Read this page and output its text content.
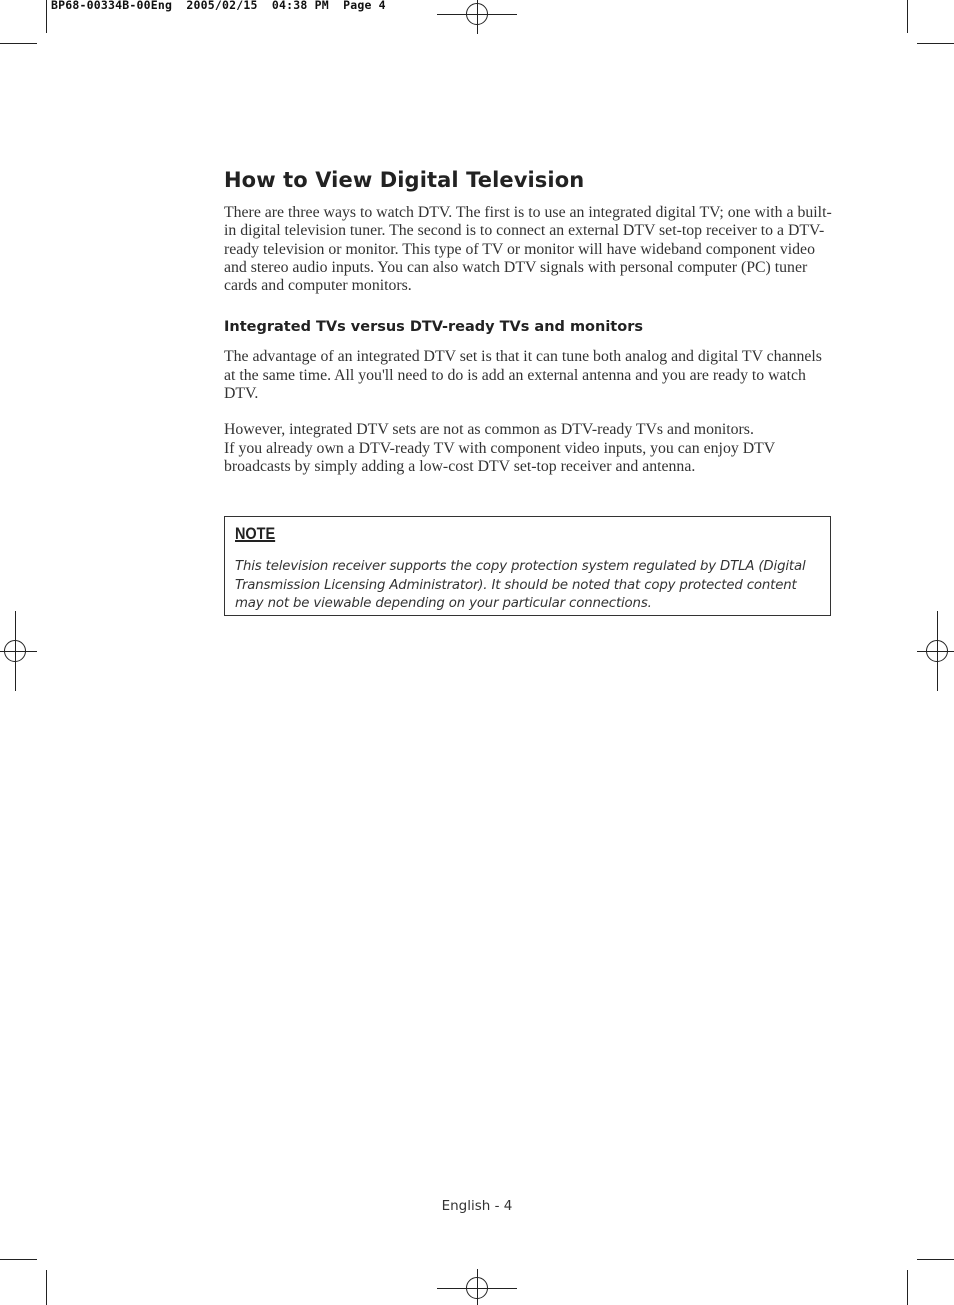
BP68-00334B-00Eng  2005/02/15  04:38 PM  Page 4
How to View Digital Television

There are three ways to watch DTV. The first is to use an integrated digital TV; one with a built-in digital television tuner. The second is to connect an external DTV set-top receiver to a DTV-ready television or monitor. This type of TV or monitor will have wideband component video and stereo audio inputs. You can also watch DTV signals with personal computer (PC) tuner cards and computer monitors.

Integrated TVs versus DTV-ready TVs and monitors

The advantage of an integrated DTV set is that it can tune both analog and digital TV channels at the same time. All you'll need to do is add an external antenna and you are ready to watch DTV.

However, integrated DTV sets are not as common as DTV-ready TVs and monitors.
If you already own a DTV-ready TV with component video inputs, you can enjoy DTV broadcasts by simply adding a low-cost DTV set-top receiver and antenna.

NOTE
This television receiver supports the copy protection system regulated by DTLA (Digital Transmission Licensing Administrator). It should be noted that copy protected content may not be viewable depending on your particular connections.
English - 4
